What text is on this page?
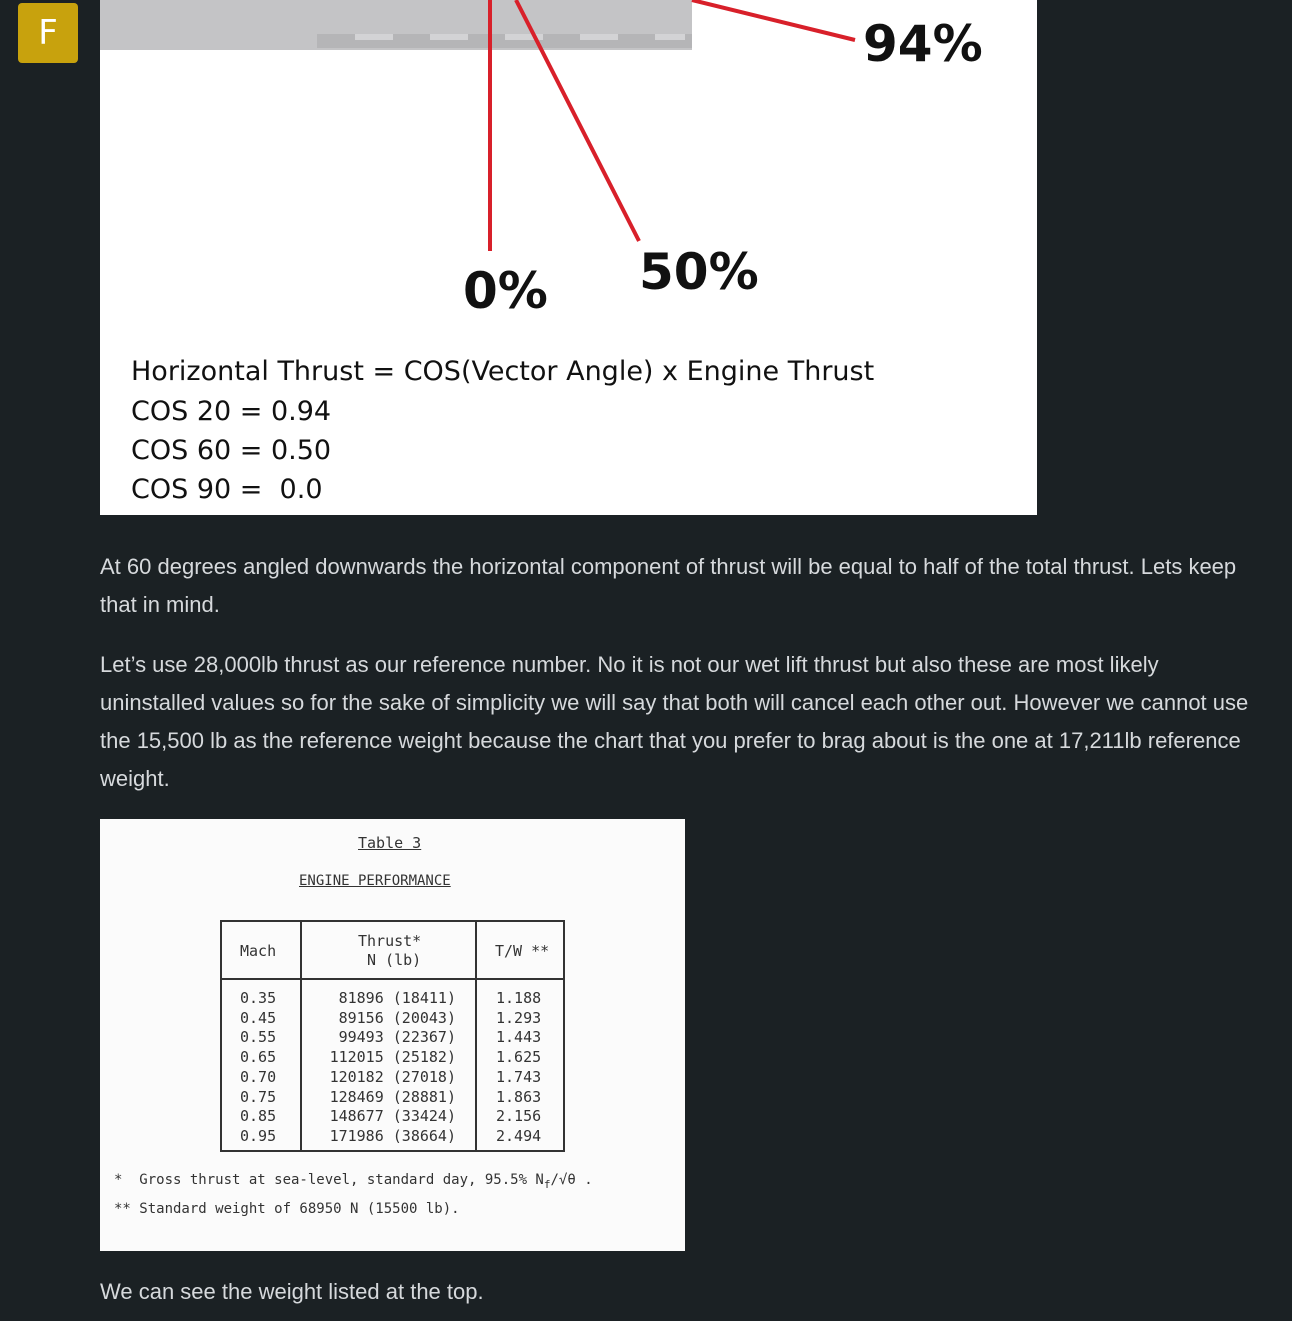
F	94%
50%
0%
Horizontal Thrust = COS(Vector Angle) x Engine Thrust
COS 20 = 0.94
COS 60 = 0.50
COS 90 =  0.0

At 60 degrees angled downwards the horizontal component of thrust will be equal to half of the total thrust. Lets keep that in mind.

Let’s use 28,000lb thrust as our reference number. No it is not our wet lift thrust but also these are most likely uninstalled values so for the sake of simplicity we will say that both will cancel each other out. However we cannot use the 15,500 lb as the reference weight because the chart that you prefer to brag about is the one at 17,211lb reference weight.

Table 3
ENGINE PERFORMANCE
Mach
Thrust*
N (lb)	T/W **
0.35
0.45
0.55
0.65
0.70
0.75
0.85
0.95
81896 (18411)
89156 (20043)
99493 (22367)
112015 (25182)
120182 (27018)
128469 (28881)
148677 (33424)
171986 (38664)
1.188
1.293
1.443
1.625
1.743
1.863
2.156
2.494
*  Gross thrust at sea-level, standard day, 95.5% $N_f/√\theta$ .
** Standard weight of 68950 N (15500 lb).

We can see the weight listed at the top.
